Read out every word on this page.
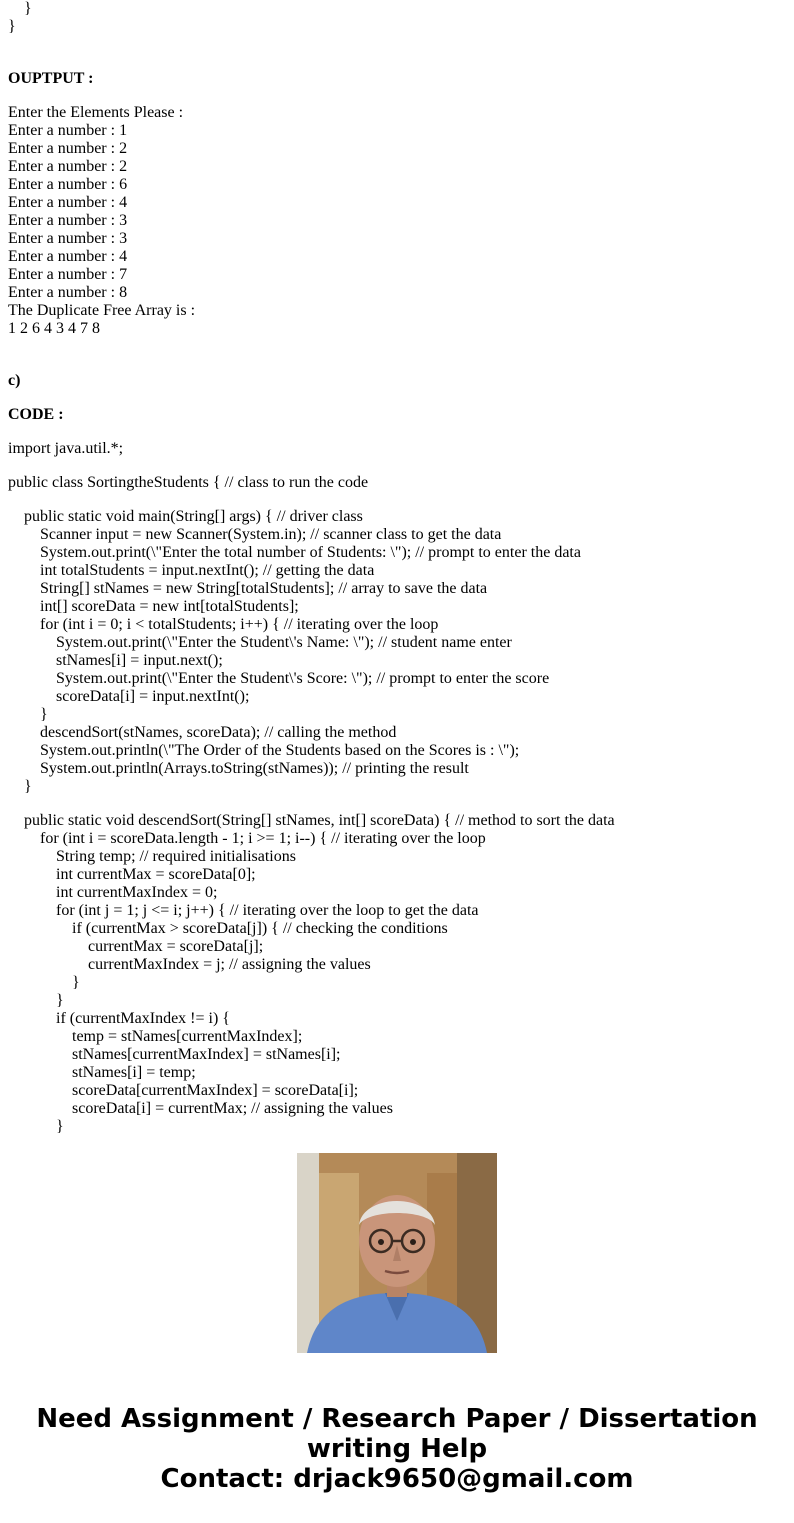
}
}
OUPTPUT :
Enter the Elements Please :
Enter a number : 1
Enter a number : 2
Enter a number : 2
Enter a number : 6
Enter a number : 4
Enter a number : 3
Enter a number : 3
Enter a number : 4
Enter a number : 7
Enter a number : 8
The Duplicate Free Array is :
1 2 6 4 3 4 7 8
c)
CODE :
import java.util.*;
public class SortingtheStudents { // class to run the code
public static void main(String[] args) { // driver class
Scanner input = new Scanner(System.in); // scanner class to get the data
System.out.print(\"Enter the total number of Students: \"); // prompt to enter the data
int totalStudents = input.nextInt(); // getting the data
String[] stNames = new String[totalStudents]; // array to save the data
int[] scoreData = new int[totalStudents];
for (int i = 0; i < totalStudents; i++) { // iterating over the loop
System.out.print(\"Enter the Student\'s Name: \"); // student name enter
stNames[i] = input.next();
System.out.print(\"Enter the Student\'s Score: \"); // prompt to enter the score
scoreData[i] = input.nextInt();
}
descendSort(stNames, scoreData); // calling the method
System.out.println(\"The Order of the Students based on the Scores is : \");
System.out.println(Arrays.toString(stNames)); // printing the result
}
public static void descendSort(String[] stNames, int[] scoreData) { // method to sort the data
for (int i = scoreData.length - 1; i >= 1; i--) { // iterating over the loop
String temp; // required initialisations
int currentMax = scoreData[0];
int currentMaxIndex = 0;
for (int j = 1; j <= i; j++) { // iterating over the loop to get the data
if (currentMax > scoreData[j]) { // checking the conditions
currentMax = scoreData[j];
currentMaxIndex = j; // assigning the values
}
}
if (currentMaxIndex != i) {
temp = stNames[currentMaxIndex];
stNames[currentMaxIndex] = stNames[i];
stNames[i] = temp;
scoreData[currentMaxIndex] = scoreData[i];
scoreData[i] = currentMax; // assigning the values
}
Need Assignment / Research Paper / Dissertation writing Help
Contact: drjack9650@gmail.com
